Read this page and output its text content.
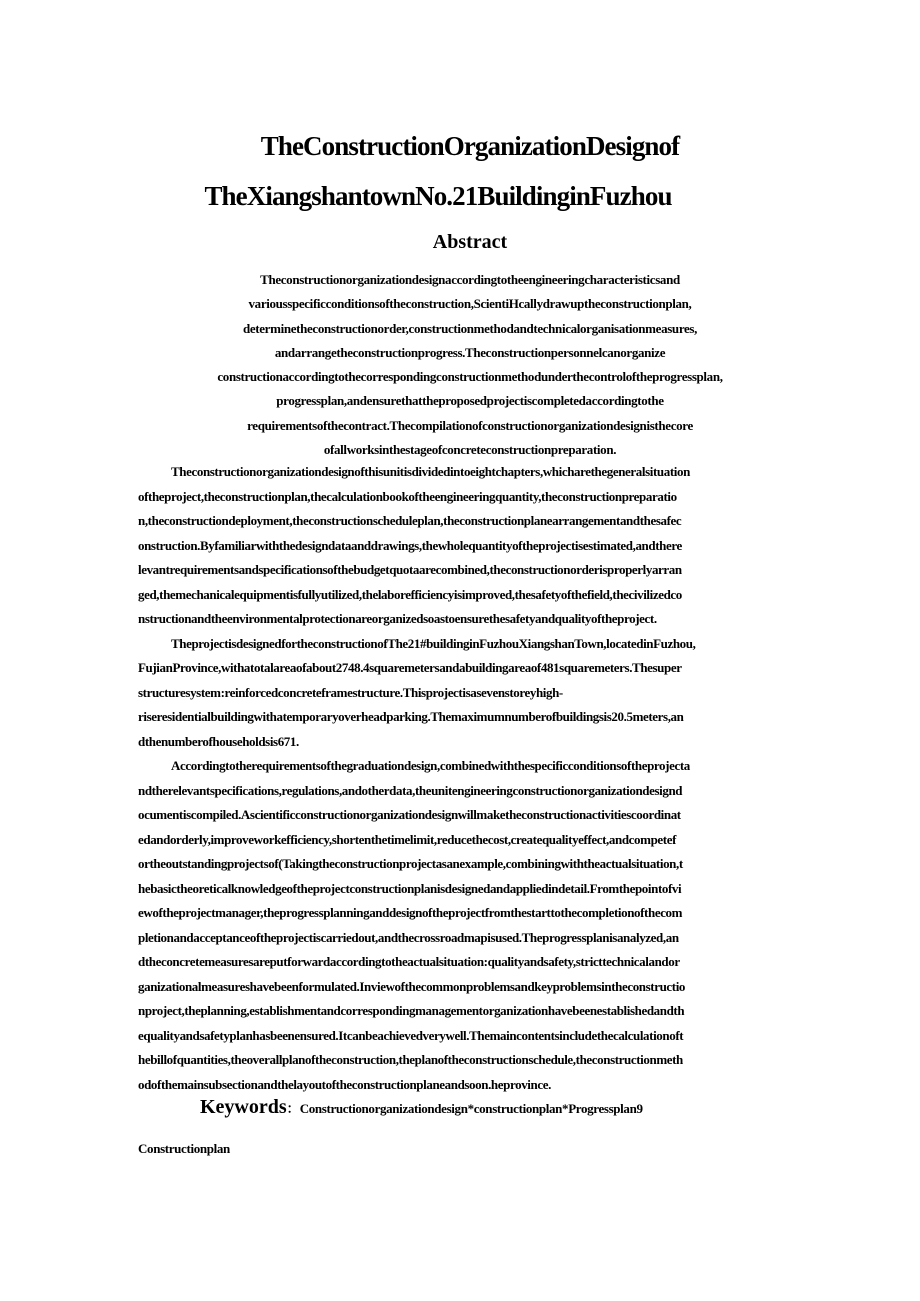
TheConstructionOrganizationDesignof
TheXiangshantownNo.21BuildinginFuzhou
Abstract
Theconstructionorganizationdesignaccordingtotheengineeringcharacteristicsand
variousspecificconditionsoftheconstruction,ScientiHcallydrawuptheconstructionplan,
determinetheconstructionorder,constructionmethodandtechnicalorganisationmeasures,
andarrangetheconstructionprogress.Theconstructionpersonnelcanorganize
constructionaccordingtothecorrespondingconstructionmethodunderthecontroloftheprogressplan,
progressplan,andensurethattheproposedprojectiscompletedaccordingtothe
requirementsofthecontract.Thecompilationofconstructionorganizationdesignisthecore
ofallworksinthestageofconcreteconstructionpreparation.
Theconstructionorganizationdesignofthisunitisdividedintoeightchapters,whicharethegeneralsituation
oftheproject,theconstructionplan,thecalculationbookoftheengineeringquantity,theconstructionpreparatio
n,theconstructiondeployment,theconstructionscheduleplan,theconstructionplanearrangementandthesafec
onstruction.Byfamiliarwiththedesigndataanddrawings,thewholequantityoftheprojectisestimated,andthere
levantrequirementsandspecificationsofthebudgetquotaarecombined,theconstructionorderisproperlyarran
ged,themechanicalequipmentisfullyutilized,thelaborefficiencyisimproved,thesafetyofthefield,thecivilizedco
nstructionandtheenvironmentalprotectionareorganizedsoastoensurethesafetyandqualityoftheproject.
TheprojectisdesignedfortheconstructionofThe21#buildinginFuzhouXiangshanTown,locatedinFuzhou,
FujianProvince,withatotalareaofabout2748.4squaremetersandabuildingareaof481squaremeters.Thesuper
structuresystem:reinforcedconcreteframestructure.Thisprojectisasevenstoreyhigh-
riseresidentialbuildingwithatemporaryoverheadparking.Themaximumnumberofbuildingsis20.5meters,an
dthenumberofhouseholdsis671.
Accordingtotherequirementsofthegraduationdesign,combinedwiththespecificconditionsoftheprojecta
ndtherelevantspecifications,regulations,andotherdata,theunitengineeringconstructionorganizationdesignd
ocumentiscompiled.Ascientificconstructionorganizationdesignwillmaketheconstructionactivitiescoordinat
edandorderly,improveworkefficiency,shortenthetimelimit,reducethecost,createqualityeffect,andcompetef
ortheoutstandingprojectsof(Takingtheconstructionprojectasanexample,combiningwiththeactualsituation,t
hebasictheoreticalknowledgeoftheprojectconstructionplanisdesignedandappliedindetail.Fromthepointofvi
ewoftheprojectmanager,theprogressplanninganddesignoftheprojectfromthestarttothecompletionofthecom
pletionandacceptanceoftheprojectiscarriedout,andthecrossroadmapisused.Theprogressplanisanalyzed,an
dtheconcretemeasuresareputforwardaccordingtotheactualsituation:qualityandsafety,stricttechnicalandor
ganizationalmeasureshavebeenformulated.Inviewofthecommonproblemsandkeyproblemsintheconstructio
nproject,theplanning,establishmentandcorrespondingmanagementorganizationhavebeenestablishedandth
equalityandsafetyplanhasbeenensured.Itcanbeachievedverywell.Themaincontentsincludethecalculationoft
hebillofquantities,theoverallplanoftheconstruction,theplanoftheconstructionschedule,theconstructionmeth
odofthemainsubsectionandthelayoutoftheconstructionplaneandsoon.heprovince.
Keywords：Constructionorganizationdesign*constructionplan*Progressplan9
Constructionplan
